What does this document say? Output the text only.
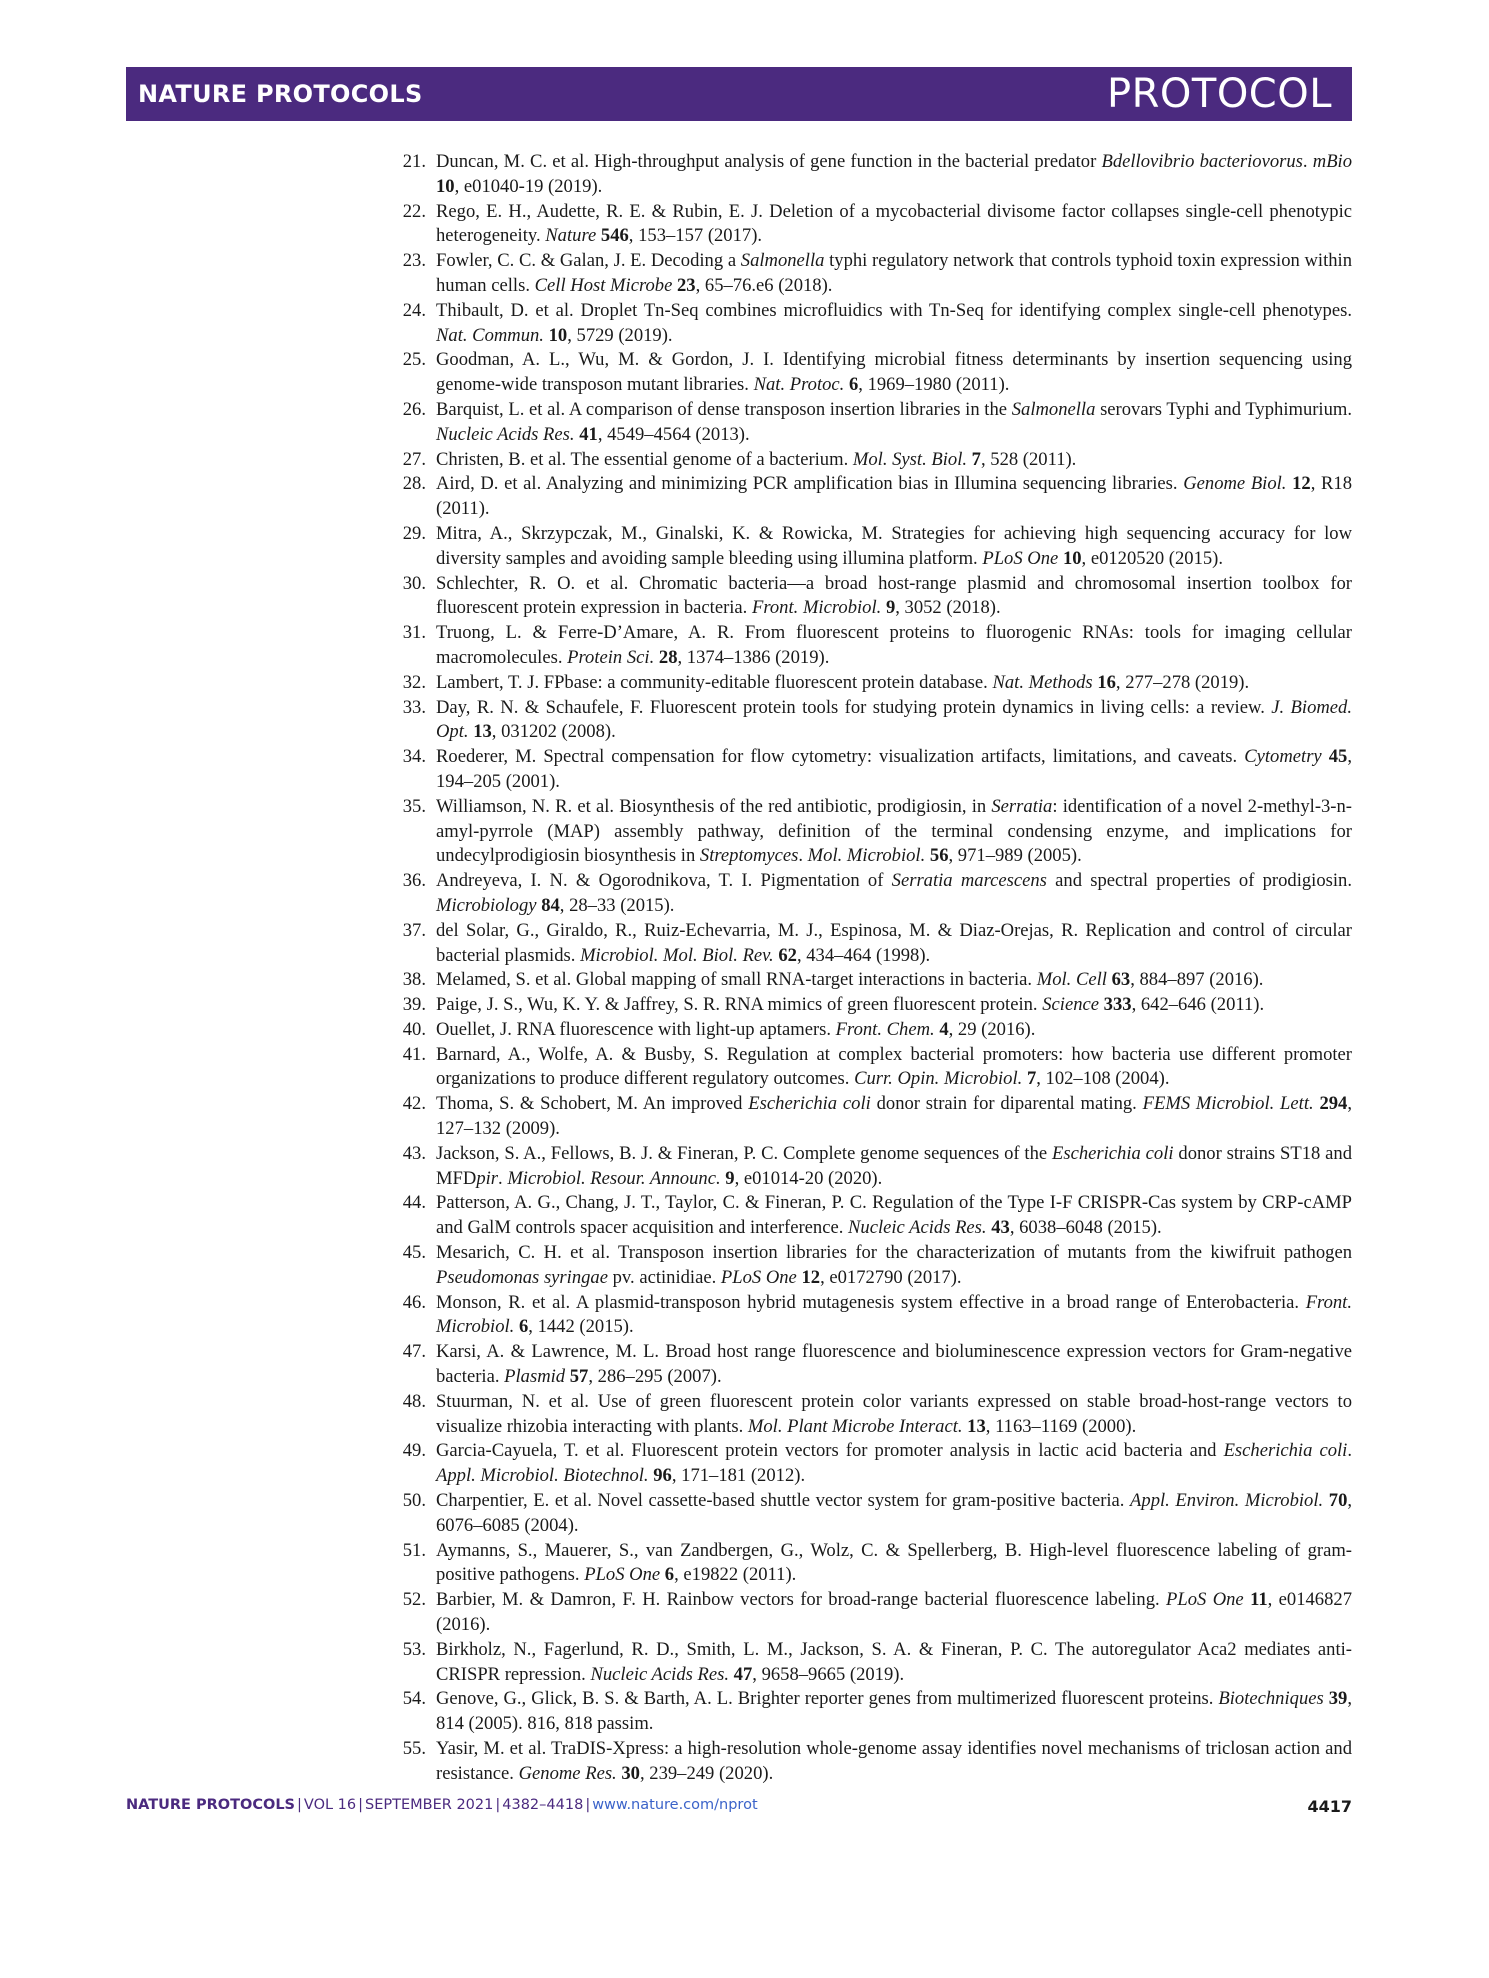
NATURE PROTOCOLS	PROTOCOL
21. Duncan, M. C. et al. High-throughput analysis of gene function in the bacterial predator Bdellovibrio bacteriovorus. mBio 10, e01040-19 (2019).
22. Rego, E. H., Audette, R. E. & Rubin, E. J. Deletion of a mycobacterial divisome factor collapses single-cell phenotypic heterogeneity. Nature 546, 153–157 (2017).
23. Fowler, C. C. & Galan, J. E. Decoding a Salmonella typhi regulatory network that controls typhoid toxin expression within human cells. Cell Host Microbe 23, 65–76.e6 (2018).
24. Thibault, D. et al. Droplet Tn-Seq combines microfluidics with Tn-Seq for identifying complex single-cell phenotypes. Nat. Commun. 10, 5729 (2019).
25. Goodman, A. L., Wu, M. & Gordon, J. I. Identifying microbial fitness determinants by insertion sequencing using genome-wide transposon mutant libraries. Nat. Protoc. 6, 1969–1980 (2011).
26. Barquist, L. et al. A comparison of dense transposon insertion libraries in the Salmonella serovars Typhi and Typhimurium. Nucleic Acids Res. 41, 4549–4564 (2013).
27. Christen, B. et al. The essential genome of a bacterium. Mol. Syst. Biol. 7, 528 (2011).
28. Aird, D. et al. Analyzing and minimizing PCR amplification bias in Illumina sequencing libraries. Genome Biol. 12, R18 (2011).
29. Mitra, A., Skrzypczak, M., Ginalski, K. & Rowicka, M. Strategies for achieving high sequencing accuracy for low diversity samples and avoiding sample bleeding using illumina platform. PLoS One 10, e0120520 (2015).
30. Schlechter, R. O. et al. Chromatic bacteria—a broad host-range plasmid and chromosomal insertion toolbox for fluorescent protein expression in bacteria. Front. Microbiol. 9, 3052 (2018).
31. Truong, L. & Ferre-D’Amare, A. R. From fluorescent proteins to fluorogenic RNAs: tools for imaging cellular macromolecules. Protein Sci. 28, 1374–1386 (2019).
32. Lambert, T. J. FPbase: a community-editable fluorescent protein database. Nat. Methods 16, 277–278 (2019).
33. Day, R. N. & Schaufele, F. Fluorescent protein tools for studying protein dynamics in living cells: a review. J. Biomed. Opt. 13, 031202 (2008).
34. Roederer, M. Spectral compensation for flow cytometry: visualization artifacts, limitations, and caveats. Cytometry 45, 194–205 (2001).
35. Williamson, N. R. et al. Biosynthesis of the red antibiotic, prodigiosin, in Serratia: identification of a novel 2-methyl-3-n-amyl-pyrrole (MAP) assembly pathway, definition of the terminal condensing enzyme, and implications for undecylprodigiosin biosynthesis in Streptomyces. Mol. Microbiol. 56, 971–989 (2005).
36. Andreyeva, I. N. & Ogorodnikova, T. I. Pigmentation of Serratia marcescens and spectral properties of prodigiosin. Microbiology 84, 28–33 (2015).
37. del Solar, G., Giraldo, R., Ruiz-Echevarria, M. J., Espinosa, M. & Diaz-Orejas, R. Replication and control of circular bacterial plasmids. Microbiol. Mol. Biol. Rev. 62, 434–464 (1998).
38. Melamed, S. et al. Global mapping of small RNA-target interactions in bacteria. Mol. Cell 63, 884–897 (2016).
39. Paige, J. S., Wu, K. Y. & Jaffrey, S. R. RNA mimics of green fluorescent protein. Science 333, 642–646 (2011).
40. Ouellet, J. RNA fluorescence with light-up aptamers. Front. Chem. 4, 29 (2016).
41. Barnard, A., Wolfe, A. & Busby, S. Regulation at complex bacterial promoters: how bacteria use different promoter organizations to produce different regulatory outcomes. Curr. Opin. Microbiol. 7, 102–108 (2004).
42. Thoma, S. & Schobert, M. An improved Escherichia coli donor strain for diparental mating. FEMS Microbiol. Lett. 294, 127–132 (2009).
43. Jackson, S. A., Fellows, B. J. & Fineran, P. C. Complete genome sequences of the Escherichia coli donor strains ST18 and MFDpir. Microbiol. Resour. Announc. 9, e01014-20 (2020).
44. Patterson, A. G., Chang, J. T., Taylor, C. & Fineran, P. C. Regulation of the Type I-F CRISPR-Cas system by CRP-cAMP and GalM controls spacer acquisition and interference. Nucleic Acids Res. 43, 6038–6048 (2015).
45. Mesarich, C. H. et al. Transposon insertion libraries for the characterization of mutants from the kiwifruit pathogen Pseudomonas syringae pv. actinidiae. PLoS One 12, e0172790 (2017).
46. Monson, R. et al. A plasmid-transposon hybrid mutagenesis system effective in a broad range of Enterobacteria. Front. Microbiol. 6, 1442 (2015).
47. Karsi, A. & Lawrence, M. L. Broad host range fluorescence and bioluminescence expression vectors for Gram-negative bacteria. Plasmid 57, 286–295 (2007).
48. Stuurman, N. et al. Use of green fluorescent protein color variants expressed on stable broad-host-range vectors to visualize rhizobia interacting with plants. Mol. Plant Microbe Interact. 13, 1163–1169 (2000).
49. Garcia-Cayuela, T. et al. Fluorescent protein vectors for promoter analysis in lactic acid bacteria and Escherichia coli. Appl. Microbiol. Biotechnol. 96, 171–181 (2012).
50. Charpentier, E. et al. Novel cassette-based shuttle vector system for gram-positive bacteria. Appl. Environ. Microbiol. 70, 6076–6085 (2004).
51. Aymanns, S., Mauerer, S., van Zandbergen, G., Wolz, C. & Spellerberg, B. High-level fluorescence labeling of gram-positive pathogens. PLoS One 6, e19822 (2011).
52. Barbier, M. & Damron, F. H. Rainbow vectors for broad-range bacterial fluorescence labeling. PLoS One 11, e0146827 (2016).
53. Birkholz, N., Fagerlund, R. D., Smith, L. M., Jackson, S. A. & Fineran, P. C. The autoregulator Aca2 mediates anti-CRISPR repression. Nucleic Acids Res. 47, 9658–9665 (2019).
54. Genove, G., Glick, B. S. & Barth, A. L. Brighter reporter genes from multimerized fluorescent proteins. Biotechniques 39, 814 (2005). 816, 818 passim.
55. Yasir, M. et al. TraDIS-Xpress: a high-resolution whole-genome assay identifies novel mechanisms of triclosan action and resistance. Genome Res. 30, 239–249 (2020).
NATURE PROTOCOLS | VOL 16 | SEPTEMBER 2021 | 4382–4418 | www.nature.com/nprot	4417
